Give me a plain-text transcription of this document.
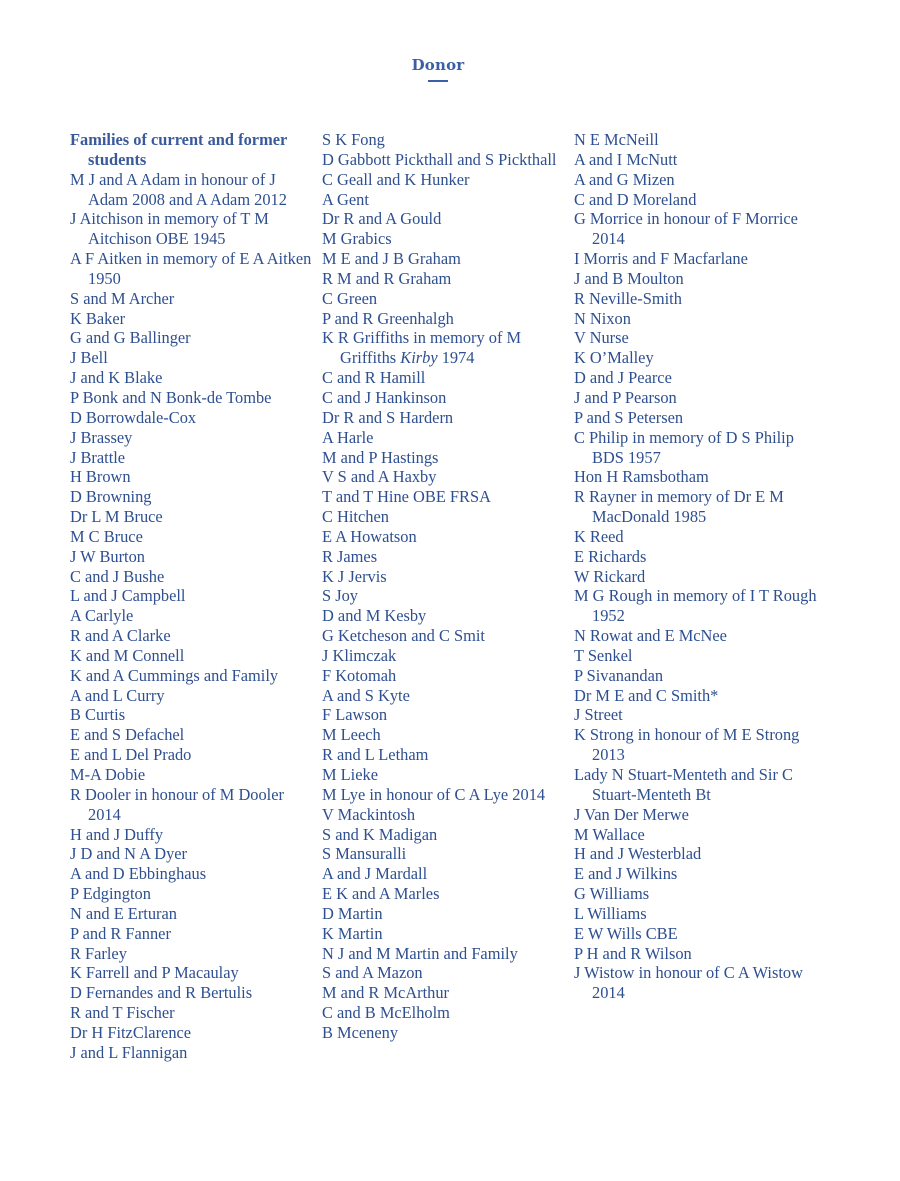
Donor
Families of current and former students
M J and A Adam in honour of J Adam 2008 and A Adam 2012
J Aitchison in memory of T M Aitchison OBE 1945
A F Aitken in memory of E A Aitken 1950
S and M Archer
K Baker
G and G Ballinger
J Bell
J and K Blake
P Bonk and N Bonk-de Tombe
D Borrowdale-Cox
J Brassey
J Brattle
H Brown
D Browning
Dr L M Bruce
M C Bruce
J W Burton
C and J Bushe
L and J Campbell
A Carlyle
R and A Clarke
K and M Connell
K and A Cummings and Family
A and L Curry
B Curtis
E and S Defachel
E and L Del Prado
M-A Dobie
R Dooler in honour of M Dooler 2014
H and J Duffy
J D and N A Dyer
A and D Ebbinghaus
P Edgington
N and E Erturan
P and R Fanner
R Farley
K Farrell and P Macaulay
D Fernandes and R Bertulis
R and T Fischer
Dr H FitzClarence
J and L Flannigan
S K Fong
D Gabbott Pickthall and S Pickthall
C Geall and K Hunker
A Gent
Dr R and A Gould
M Grabics
M E and J B Graham
R M and R Graham
C Green
P and R Greenhalgh
K R Griffiths in memory of M Griffiths Kirby 1974
C and R Hamill
C and J Hankinson
Dr R and S Hardern
A Harle
M and P Hastings
V S and A Haxby
T and T Hine OBE FRSA
C Hitchen
E A Howatson
R James
K J Jervis
S Joy
D and M Kesby
G Ketcheson and C Smit
J Klimczak
F Kotomah
A and S Kyte
F Lawson
M Leech
R and L Letham
M Lieke
M Lye in honour of C A Lye 2014
V Mackintosh
S and K Madigan
S Mansuralli
A and J Mardall
E K and A Marles
D Martin
K Martin
N J and M Martin and Family
S and A Mazon
M and R McArthur
C and B McElholm
B Mceneny
N E McNeill
A and I McNutt
A and G Mizen
C and D Moreland
G Morrice in honour of F Morrice 2014
I Morris and F Macfarlane
J and B Moulton
R Neville-Smith
N Nixon
V Nurse
K O’Malley
D and J Pearce
J and P Pearson
P and S Petersen
C Philip in memory of D S Philip BDS 1957
Hon H Ramsbotham
R Rayner in memory of Dr E M MacDonald 1985
K Reed
E Richards
W Rickard
M G Rough in memory of I T Rough 1952
N Rowat and E McNee
T Senkel
P Sivanandan
Dr M E and C Smith*
J Street
K Strong in honour of M E Strong 2013
Lady N Stuart-Menteth and Sir C Stuart-Menteth Bt
J Van Der Merwe
M Wallace
H and J Westerblad
E and J Wilkins
G Williams
L Williams
E W Wills CBE
P H and R Wilson
J Wistow in honour of C A Wistow 2014
